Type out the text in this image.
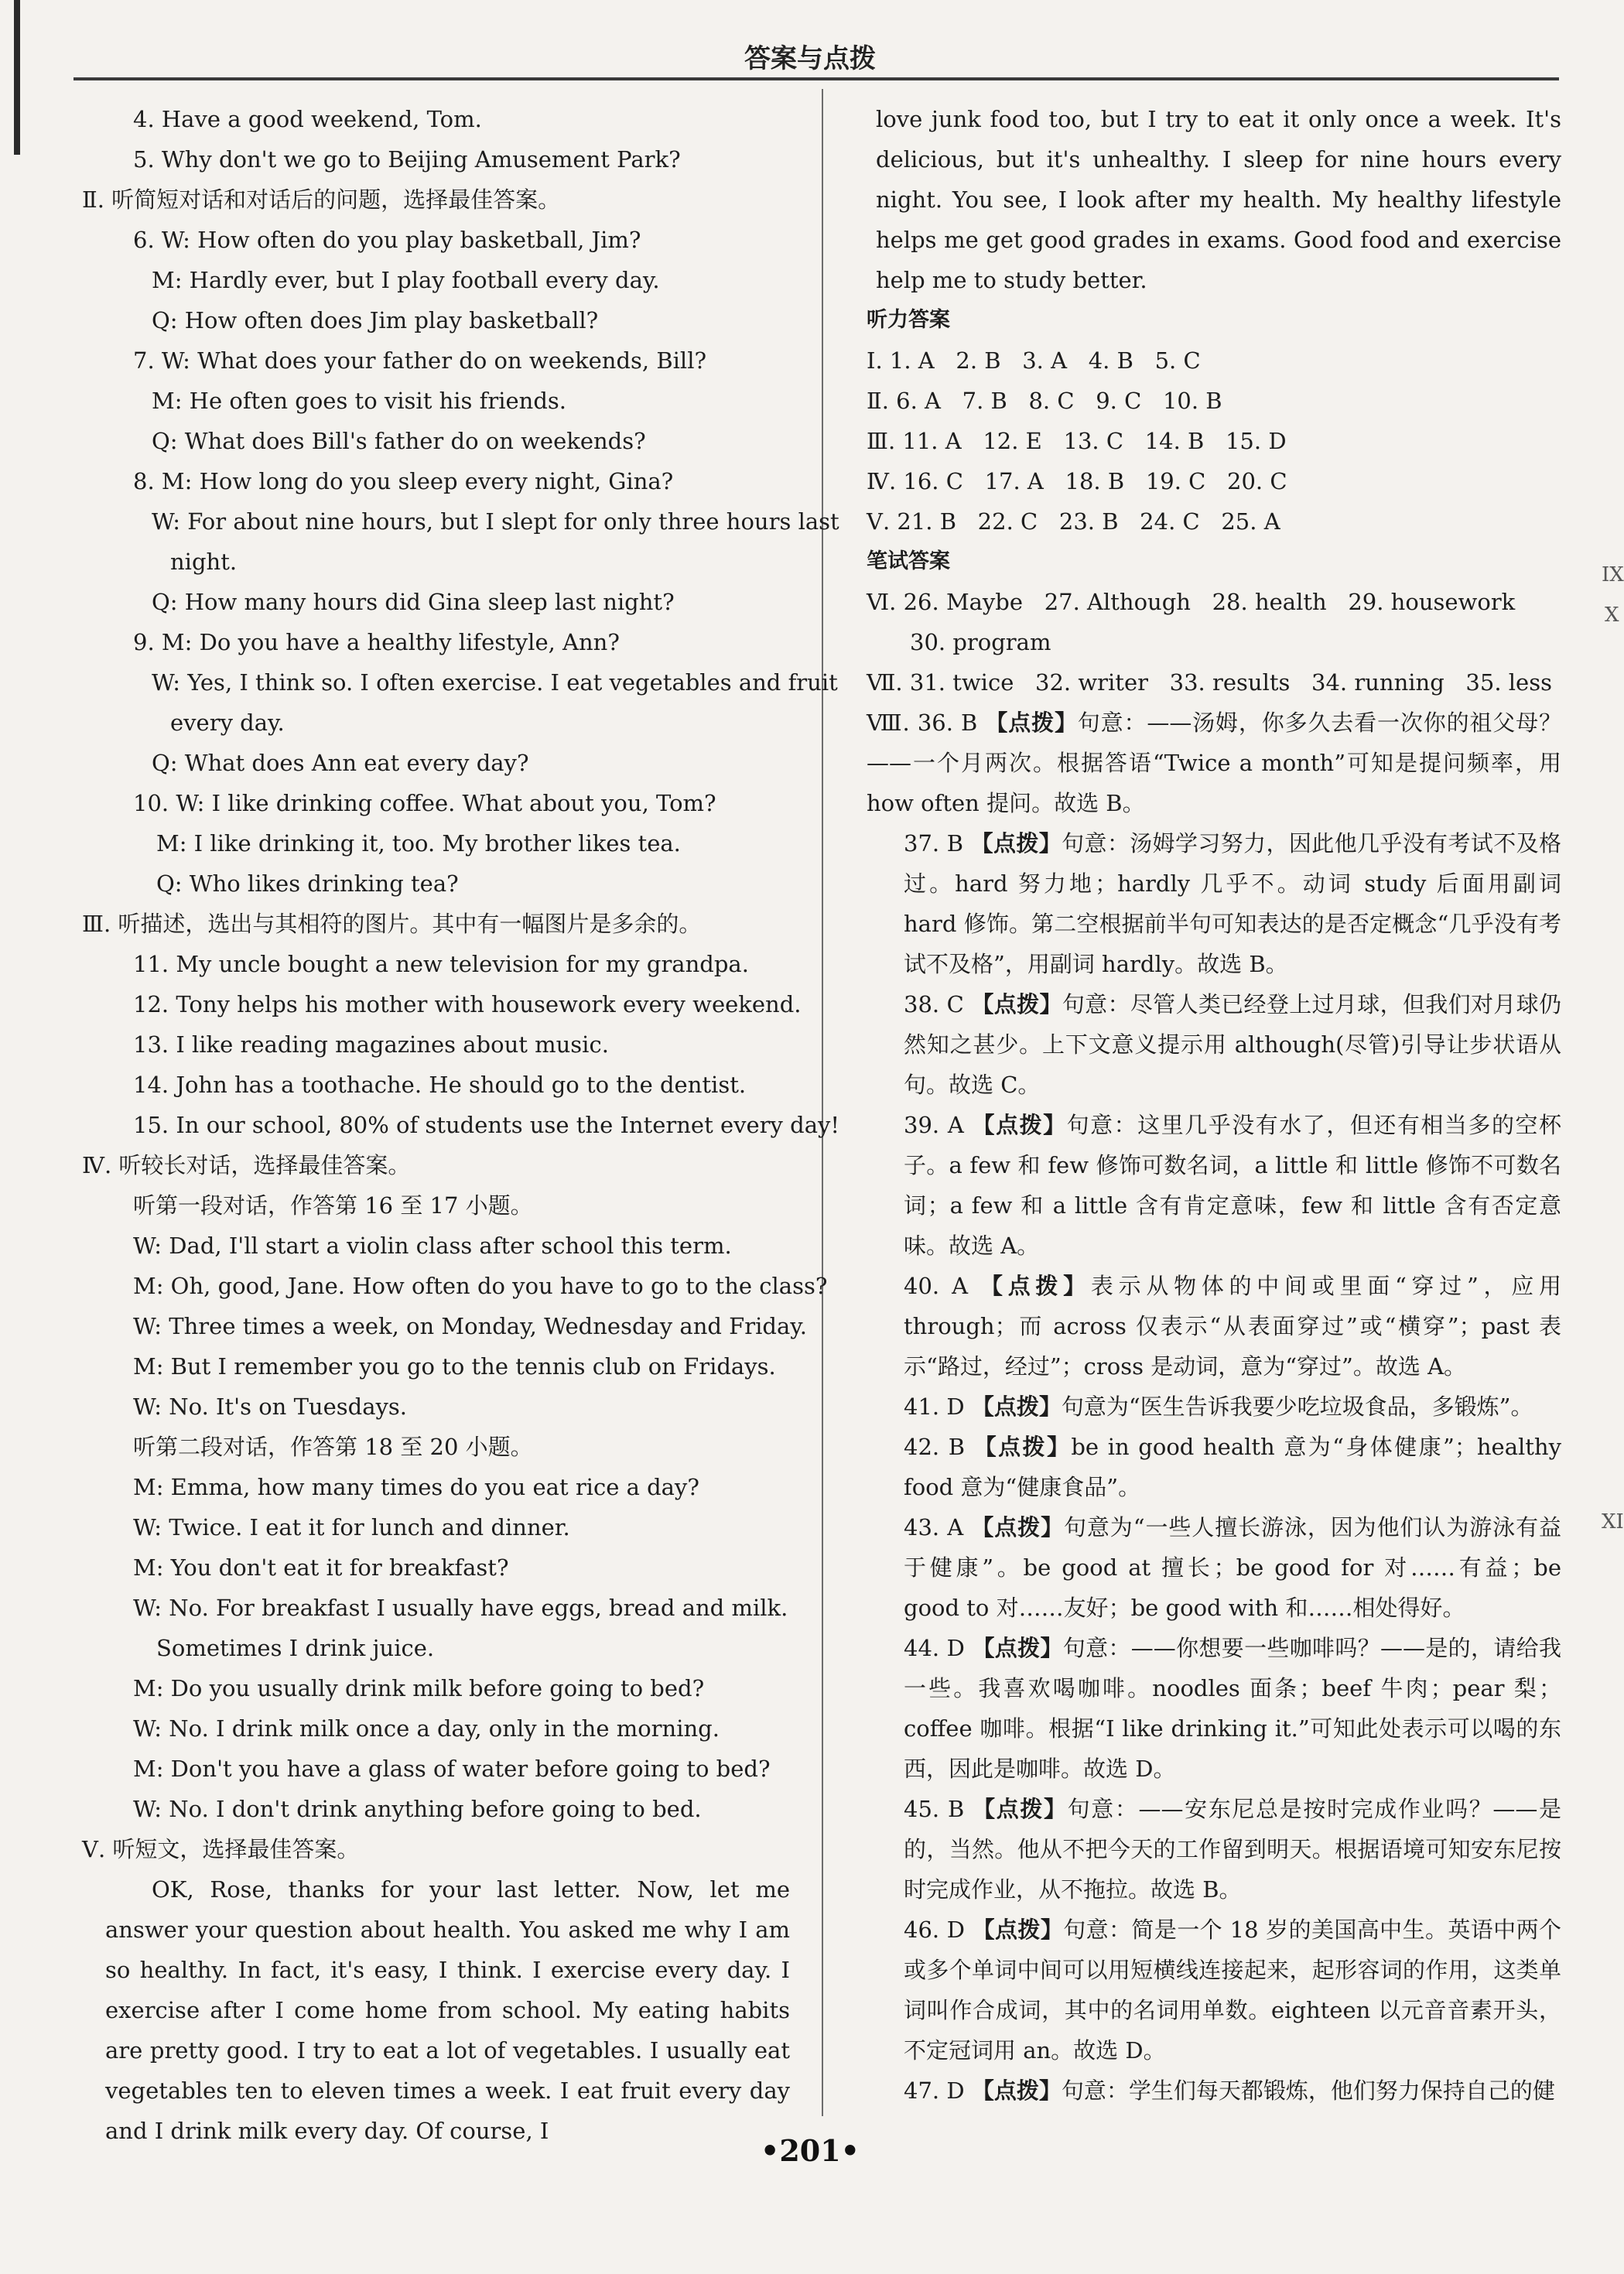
答案与点拨
IX
X
XI
4. Have a good weekend, Tom.
5. Why don't we go to Beijing Amusement Park?
Ⅱ. 听简短对话和对话后的问题，选择最佳答案。
6. W: How often do you play basketball, Jim?
M: Hardly ever, but I play football every day.
Q: How often does Jim play basketball?
7. W: What does your father do on weekends, Bill?
M: He often goes to visit his friends.
Q: What does Bill's father do on weekends?
8. M: How long do you sleep every night, Gina?
W: For about nine hours, but I slept for only three hours last
night.
Q: How many hours did Gina sleep last night?
9. M: Do you have a healthy lifestyle, Ann?
W: Yes, I think so. I often exercise. I eat vegetables and fruit
every day.
Q: What does Ann eat every day?
10. W: I like drinking coffee. What about you, Tom?
M: I like drinking it, too. My brother likes tea.
Q: Who likes drinking tea?
Ⅲ. 听描述，选出与其相符的图片。其中有一幅图片是多余的。
11. My uncle bought a new television for my grandpa.
12. Tony helps his mother with housework every weekend.
13. I like reading magazines about music.
14. John has a toothache. He should go to the dentist.
15. In our school, 80% of students use the Internet every day!
Ⅳ. 听较长对话，选择最佳答案。
听第一段对话，作答第 16 至 17 小题。
W: Dad, I'll start a violin class after school this term.
M: Oh, good, Jane. How often do you have to go to the class?
W: Three times a week, on Monday, Wednesday and Friday.
M: But I remember you go to the tennis club on Fridays.
W: No. It's on Tuesdays.
听第二段对话，作答第 18 至 20 小题。
M: Emma, how many times do you eat rice a day?
W: Twice. I eat it for lunch and dinner.
M: You don't eat it for breakfast?
W: No. For breakfast I usually have eggs, bread and milk.
Sometimes I drink juice.
M: Do you usually drink milk before going to bed?
W: No. I drink milk once a day, only in the morning.
M: Don't you have a glass of water before going to bed?
W: No. I don't drink anything before going to bed.
Ⅴ. 听短文，选择最佳答案。
OK, Rose, thanks for your last letter. Now, let me answer your question about health. You asked me why I am so healthy. In fact, it's easy, I think. I exercise every day. I exercise after I come home from school. My eating habits are pretty good. I try to eat a lot of vegetables. I usually eat vegetables ten to eleven times a week. I eat fruit every day and I drink milk every day. Of course, I
love junk food too, but I try to eat it only once a week. It's delicious, but it's unhealthy. I sleep for nine hours every night. You see, I look after my health. My healthy lifestyle helps me get good grades in exams. Good food and exercise help me to study better.
听力答案
Ⅰ. 1. A   2. B   3. A   4. B   5. C
Ⅱ. 6. A   7. B   8. C   9. C   10. B
Ⅲ. 11. A   12. E   13. C   14. B   15. D
Ⅳ. 16. C   17. A   18. B   19. C   20. C
Ⅴ. 21. B   22. C   23. B   24. C   25. A
笔试答案
Ⅵ. 26. Maybe   27. Although   28. health   29. housework
30. program
Ⅶ. 31. twice   32. writer   33. results   34. running   35. less
Ⅷ. 36. B 【点拨】句意：——汤姆，你多久去看一次你的祖父母？——一个月两次。根据答语“Twice a month”可知是提问频率，用 how often 提问。故选 B。
37. B 【点拨】句意：汤姆学习努力，因此他几乎没有考试不及格过。hard 努力地；hardly 几乎不。动词 study 后面用副词 hard 修饰。第二空根据前半句可知表达的是否定概念“几乎没有考试不及格”，用副词 hardly。故选 B。
38. C 【点拨】句意：尽管人类已经登上过月球，但我们对月球仍然知之甚少。上下文意义提示用 although(尽管)引导让步状语从句。故选 C。
39. A 【点拨】句意：这里几乎没有水了，但还有相当多的空杯子。a few 和 few 修饰可数名词，a little 和 little 修饰不可数名词；a few 和 a little 含有肯定意味，few 和 little 含有否定意味。故选 A。
40. A 【点拨】表示从物体的中间或里面“穿过”，应用 through；而 across 仅表示“从表面穿过”或“横穿”；past 表示“路过，经过”；cross 是动词，意为“穿过”。故选 A。
41. D 【点拨】句意为“医生告诉我要少吃垃圾食品，多锻炼”。
42. B 【点拨】be in good health 意为“身体健康”；healthy food 意为“健康食品”。
43. A 【点拨】句意为“一些人擅长游泳，因为他们认为游泳有益于健康”。be good at 擅长；be good for 对……有益；be good to 对……友好；be good with 和……相处得好。
44. D 【点拨】句意：——你想要一些咖啡吗？——是的，请给我一些。我喜欢喝咖啡。noodles 面条；beef 牛肉；pear 梨；coffee 咖啡。根据“I like drinking it.”可知此处表示可以喝的东西，因此是咖啡。故选 D。
45. B 【点拨】句意：——安东尼总是按时完成作业吗？——是的，当然。他从不把今天的工作留到明天。根据语境可知安东尼按时完成作业，从不拖拉。故选 B。
46. D 【点拨】句意：简是一个 18 岁的美国高中生。英语中两个或多个单词中间可以用短横线连接起来，起形容词的作用，这类单词叫作合成词，其中的名词用单数。eighteen 以元音音素开头，不定冠词用 an。故选 D。
47. D 【点拨】句意：学生们每天都锻炼，他们努力保持自己的健
•201•
